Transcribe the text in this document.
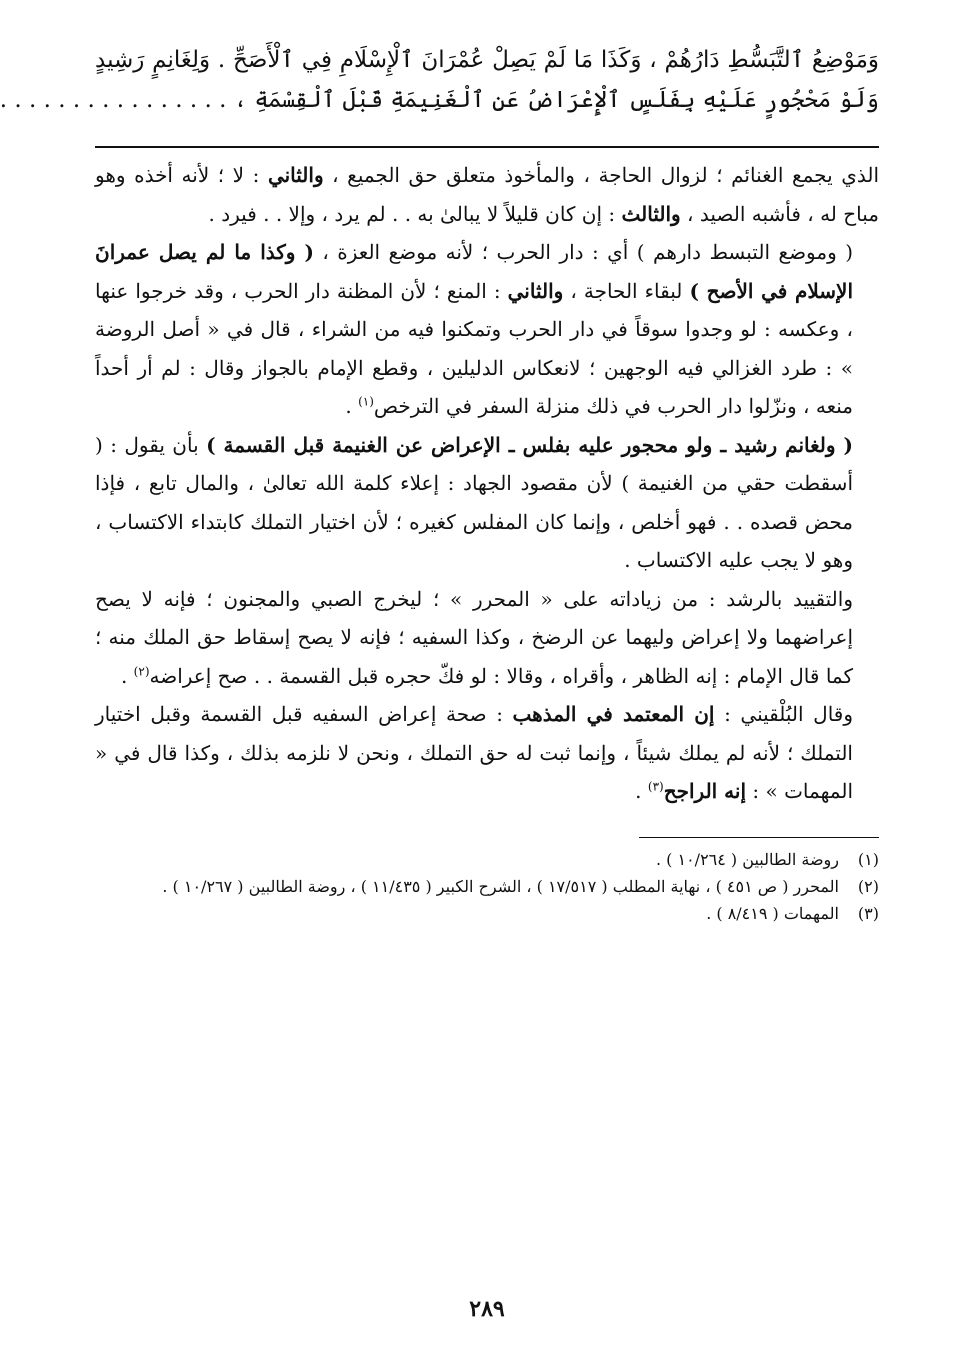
وَمَوْضِعُ ٱلتَّبَسُّطِ دَارُهُمْ ، وَكَذَا مَا لَمْ يَصِلْ عُمْرَانَ ٱلْإِسْلَامِ فِي ٱلْأَصَحِّ . وَلِغَانِمٍ رَشِيدٍ

وَلَوْ مَحْجُورٍ عَلَيْهِ بِفَلَسٍ ٱلْإِعْرَاضُ عَنِ ٱلْغَنِيمَةِ قَبْلَ ٱلْقِسْمَةِ ، . . . . . . . . . . . . . . . .

الذي يجمع الغنائم ؛ لزوال الحاجة ، والمأخوذ متعلق حق الجميع ، والثاني : لا ؛ لأنه أخذه وهو مباح له ، فأشبه الصيد ، والثالث : إن كان قليلاً لا يبالىٰ به . . لم يرد ، وإلا . . فيرد .

( وموضع التبسط دارهم ) أي : دار الحرب ؛ لأنه موضع العزة ، ( وكذا ما لم يصل عمرانَ الإسلام في الأصح ) لبقاء الحاجة ، والثاني : المنع ؛ لأن المظنة دار الحرب ، وقد خرجوا عنها ، وعكسه : لو وجدوا سوقاً في دار الحرب وتمكنوا فيه من الشراء ، قال في « أصل الروضة » : طرد الغزالي فيه الوجهين ؛ لانعكاس الدليلين ، وقطع الإمام بالجواز وقال : لم أر أحداً منعه ، ونزّلوا دار الحرب في ذلك منزلة السفر في الترخص$^{(١)}$ .

( ولغانم رشيد ـ ولو محجور عليه بفلس ـ الإعراض عن الغنيمة قبل القسمة ) بأن يقول : ( أسقطت حقي من الغنيمة ) لأن مقصود الجهاد : إعلاء كلمة الله تعالىٰ ، والمال تابع ، فإذا محض قصده . . فهو أخلص ، وإنما كان المفلس كغيره ؛ لأن اختيار التملك كابتداء الاكتساب ، وهو لا يجب عليه الاكتساب .

والتقييد بالرشد : من زياداته على « المحرر » ؛ ليخرج الصبي والمجنون ؛ فإنه لا يصح إعراضهما ولا إعراض وليهما عن الرضخ ، وكذا السفيه ؛ فإنه لا يصح إسقاط حق الملك منه ؛ كما قال الإمام : إنه الظاهر ، وأقراه ، وقالا : لو فكّ حجره قبل القسمة . . صح إعراضه$^{(٢)}$ .

وقال البُلْقيني : إن المعتمد في المذهب : صحة إعراض السفيه قبل القسمة وقبل اختيار التملك ؛ لأنه لم يملك شيئاً ، وإنما ثبت له حق التملك ، ونحن لا نلزمه بذلك ، وكذا قال في « المهمات » : إنه الراجح$^{(٣)}$ .

(١)
روضة الطالبين ( ١٠/٢٦٤ ) .
(٢)
المحرر ( ص ٤٥١ ) ، نهاية المطلب ( ١٧/٥١٧ ) ، الشرح الكبير ( ١١/٤٣٥ ) ، روضة الطالبين ( ١٠/٢٦٧ ) .
(٣)
المهمات ( ٨/٤١٩ ) .
٢٨٩
